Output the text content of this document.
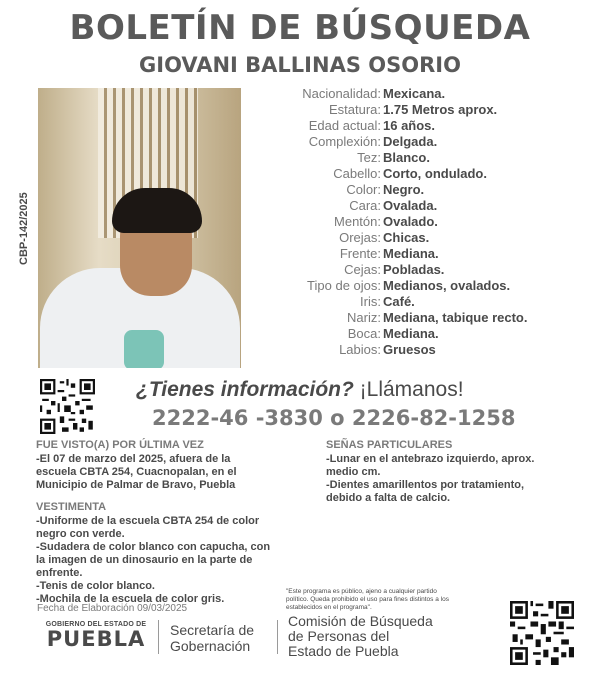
BOLETÍN DE BÚSQUEDA
GIOVANI BALLINAS OSORIO
CBP-142/2025
Nacionalidad: Mexicana.
Estatura: 1.75 Metros aprox.
Edad actual: 16 años.
Complexión: Delgada.
Tez: Blanco.
Cabello: Corto, ondulado.
Color: Negro.
Cara: Ovalada.
Mentón: Ovalado.
Orejas: Chicas.
Frente: Mediana.
Cejas: Pobladas.
Tipo de ojos: Medianos, ovalados.
Iris: Café.
Nariz: Mediana, tabique recto.
Boca: Mediana.
Labios: Gruesos
¿Tienes información? ¡Llámanos!
2222-46 -3830 o 2226-82-1258
FUE VISTO(A) POR ÚLTIMA VEZ
-El 07 de marzo del 2025, afuera de la
escuela CBTA 254, Cuacnopalan, en el
Municipio de Palmar de Bravo, Puebla
VESTIMENTA
-Uniforme de la escuela CBTA 254 de color
negro con verde.
-Sudadera de color blanco con capucha, con
la imagen de un dinosaurio en la parte de
enfrente.
-Tenis de color blanco.
-Mochila de la escuela de color gris.
SEÑAS PARTICULARES
-Lunar en el antebrazo izquierdo, aprox.
medio cm.
-Dientes amarillentos por tratamiento,
debido a falta de calcio.
Fecha de Elaboración 09/03/2025
"Este programa es público, ajeno a cualquier partido
político. Queda prohibido el uso para fines distintos a los
establecidos en el programa".
GOBIERNO DEL ESTADO DE
PUEBLA Secretaría de
Gobernación
Comisión de Búsqueda
de Personas del
Estado de Puebla
